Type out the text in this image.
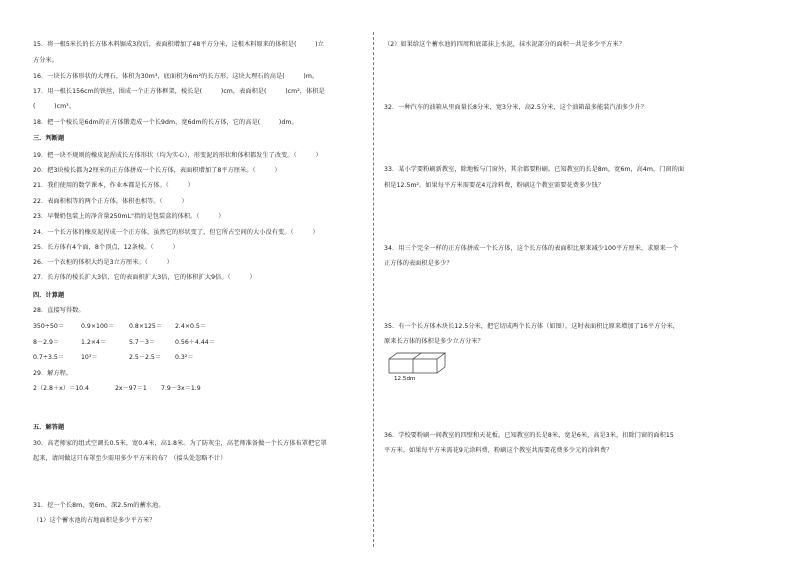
15．将一根5米长的长方体木料锯成3段后，表面积增加了48平方分米，这根木料原来的体积是(　　　)立
方分米。
16．一块长方体形状的大理石，体积为30m³，底面积为6m²的长方形，这块大理石的高是(　　　)m。
17．用一根长156cm的铁丝，围成一个正方体框架，棱长是(　　　)cm，表面积是(　　　)cm²，体积是
(　　　)cm³。
18．把一个棱长是6dm的正方体锻造成一个长9dm、宽6dm的长方体，它的高是(　　　)dm。
三．判断题
19．把一块不规则的橡皮泥捏成长方体形状（均为实心），形变泥的形状和体积都发生了改变。（　　　）
20．把3块棱长都为2厘米的正方体拼成一个长方体，表面积增加了8平方厘米。（　　　）
21．我们使用的数学课本，作业本都是长方体。（　　　）
22．表面积相等的两个正方体，体积也相等。（　　　）
23．早餐奶包装上的净含量250mL"指的是包装盒的体积。（　　　）
24．一个长方体的橡皮泥捏成一个正方体，虽然它的形状变了，但它所占空间的大小没有变。（　　　）
25．长方体有4个面，8个顶点，12条棱。（　　　）
26．一个衣柜的体积大约是3立方厘米。（　　　）
27．长方体的棱长扩大3倍，它的表面积扩大3倍，它的体积扩大9倍。（　　　）
四．计算题
28．直接写得数。
350÷50＝	0.9×100＝ 0.8×125＝ 2.4×0.5＝
8－2.9＝	1.2×4＝	5.7－3＝	0.56＋4.44＝
0.7÷3.5＝	10³＝	2.5－2.5＝ 0.3²＝
29．解方程。
2（2.8＋x）＝10.4	2x－97＝1 7.9－3x＝1.9
五．解答题
30．高老师家的组式空调长0.5米，宽0.4米，高1.8米。为了防灰尘，高老师准备做一个长方体布罩把它罩
起来，请问做这只布罩至少需用多少平方米的布？（接头处忽略不计）
31．挖一个长8m、宽6m、深2.5m的蓄水池。
（1）这个蓄水池的占地面积是多少平方米？
（2）如果给这个蓄水池的四周和底部抹上水泥，抹水泥部分的面积一共是多少平方米？
32．一种汽车的油箱从里面量长8分米，宽3分米，高2.5分米，这个油箱最多能装汽油多少升？
33．某小学要粉刷新教室，除地板与门窗外，其余都要粉刷。已知教室的长是8m，宽6m，高4m，门窗的面
积是12.5m²。如果每平方米需要花4元涂料费，粉刷这个教室需要花费多少钱？
34．用三个完全一样的正方体拼成一个长方体，这个长方体的表面积比原来减少100平方厘米，求原来一个
正方体的表面积是多少？
35．有一个长方体木块长12.5分米，把它切成两个长方体（如图），这时表面积比原来增加了16平方分米，
原来长方体的体积是多少立方分米？
12.5dm
36．学校要粉刷一间教室的四壁和天花板。已知教室的长是8米，宽是6米，高是3米，扣除门窗的面积15
平方米。如果每平方米需花9元涂料费，粉刷这个教室共需要花费多少元的涂料费？
